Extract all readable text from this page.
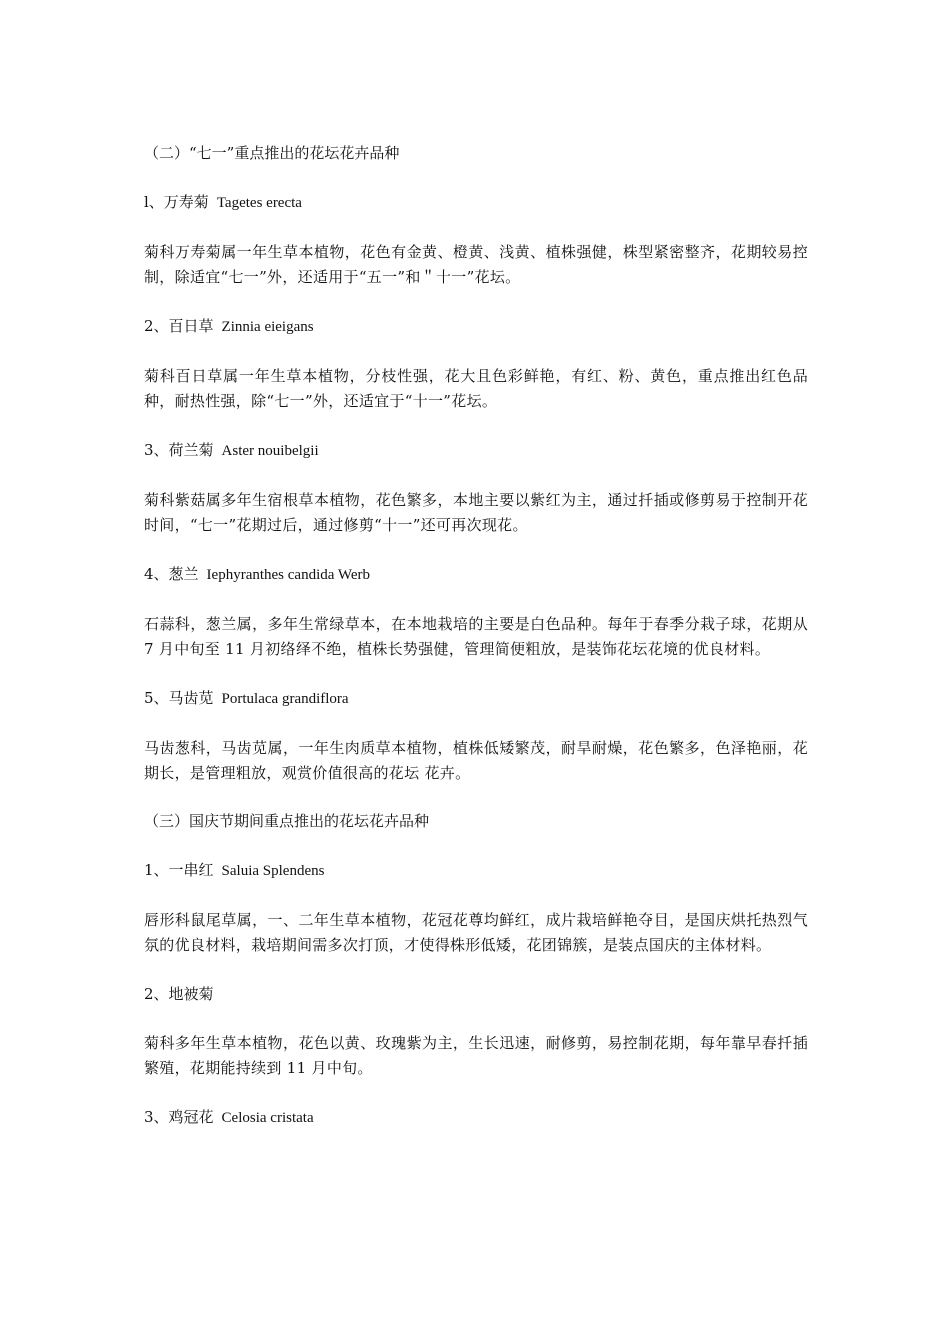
（二）“七一”重点推出的花坛花卉品种

l、万寿菊 Tagetes erecta

菊科万寿菊属一年生草本植物，花色有金黄、橙黄、浅黄、植株强健，株型紧密整齐，花期较易控制，除适宜“七一”外，还适用于“五一”和＂十一”花坛。

2、百日草 Zinnia eieigans

菊科百日草属一年生草本植物，分枝性强，花大且色彩鲜艳，有红、粉、黄色，重点推出红色品种，耐热性强，除“七一”外，还适宜于“十一”花坛。

3、荷兰菊 Aster nouibelgii

菊科紫菇属多年生宿根草本植物，花色繁多，本地主要以紫红为主，通过扦插或修剪易于控制开花时间，“七一”花期过后，通过修剪“十一”还可再次现花。

4、葱兰 Iephyranthes candida Werb

石蒜科，葱兰属，多年生常绿草本，在本地栽培的主要是白色品种。每年于春季分栽子球，花期从 7 月中旬至 11 月初络绎不绝，植株长势强健，管理简便粗放，是装饰花坛花境的优良材料。

5、马齿苋 Portulaca grandiflora

马齿葱科，马齿苋属，一年生肉质草本植物，植株低矮繁茂，耐旱耐燥，花色繁多，色泽艳丽，花期长，是管理粗放，观赏价值很高的花坛 花卉。

（三）国庆节期间重点推出的花坛花卉品种

1、一串红 Saluia Splendens

唇形科鼠尾草属，一、二年生草本植物，花冠花尊均鲜红，成片栽培鲜艳夺目，是国庆烘托热烈气氛的优良材料，栽培期间需多次打顶，才使得株形低矮，花团锦簇，是装点国庆的主体材料。

2、地被菊

菊科多年生草本植物，花色以黄、玫瑰紫为主，生长迅速，耐修剪，易控制花期，每年靠早春扦插繁殖，花期能持续到 11 月中旬。

3、鸡冠花 Celosia cristata
